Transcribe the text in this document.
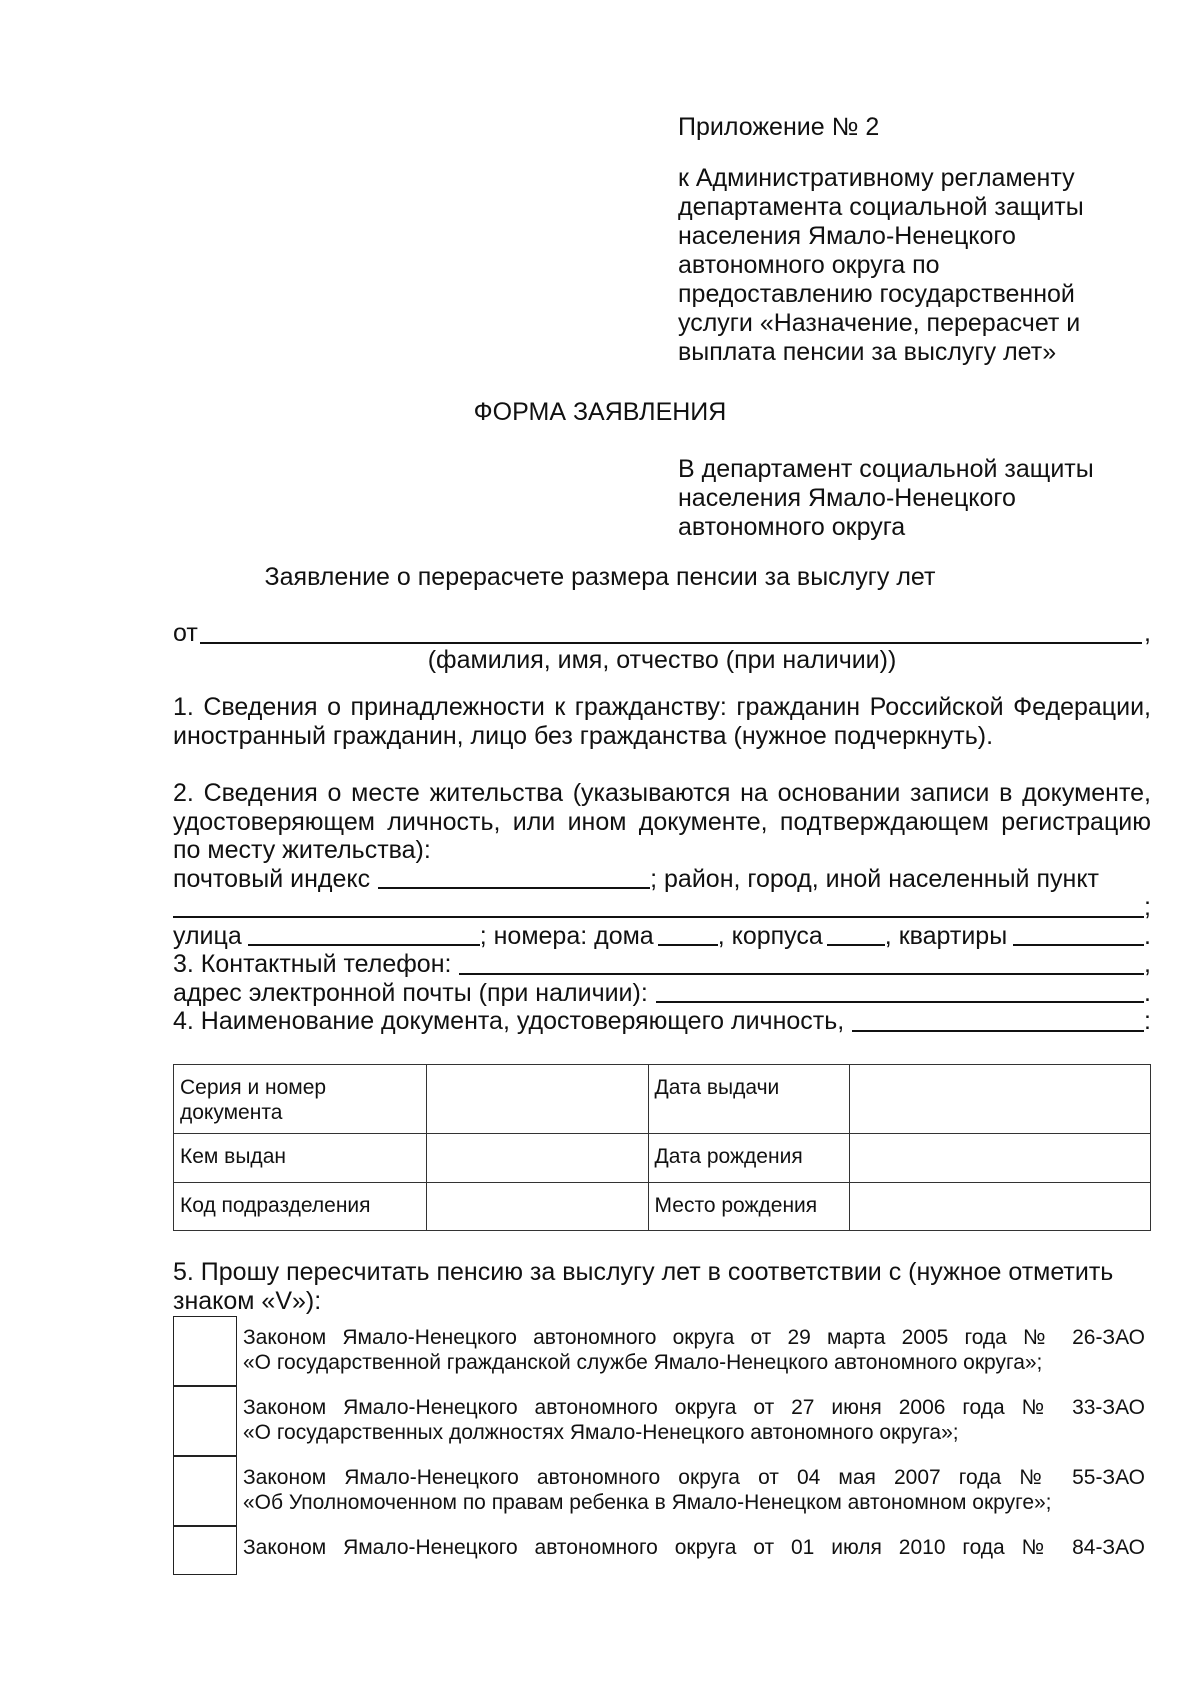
Приложение № 2

к Административному регламенту
департамента социальной защиты
населения Ямало-Ненецкого
автономного округа по
предоставлению государственной
услуги «Назначение, перерасчет и
выплата пенсии за выслугу лет»

ФОРМА ЗАЯВЛЕНИЯ
В департамент социальной защиты
населения Ямало-Ненецкого
автономного округа
Заявление о перерасчете размера пенсии за выслугу лет
от	,
(фамилия, имя, отчество (при наличии))
1. Сведения о принадлежности к гражданству: гражданин Российской Федерации, иностранный гражданин, лицо без гражданства (нужное подчеркнуть).
2. Сведения о месте жительства (указываются на основании записи в документе, удостоверяющем личность, или ином документе, подтверждающем регистрацию по месту жительства):
почтовый индекс	; район, город, иной населенный пункт
;
улица	; номера: дома	, корпуса , квартиры	.
3. Контактный телефон:	,
адрес электронной почты (при наличии):	.
4. Наименование документа, удостоверяющего личность,	:
Серия и номер документа		Дата выдачи	
Кем выдан		Дата рождения	
Код подразделения		Место рождения	
5. Прошу пересчитать пенсию за выслугу лет в соответствии с (нужное отметить знаком «V»):
Законом Ямало-Ненецкого автономного округа от 29 марта 2005 года № 26-ЗАО
«О государственной гражданской службе Ямало-Ненецкого автономного округа»;
Законом Ямало-Ненецкого автономного округа от 27 июня 2006 года № 33-ЗАО
«О государственных должностях Ямало-Ненецкого автономного округа»;
Законом Ямало-Ненецкого автономного округа от 04 мая 2007 года № 55-ЗАО
«Об Уполномоченном по правам ребенка в Ямало-Ненецком автономном округе»;
Законом Ямало-Ненецкого автономного округа от 01 июля 2010 года № 84-ЗАО
